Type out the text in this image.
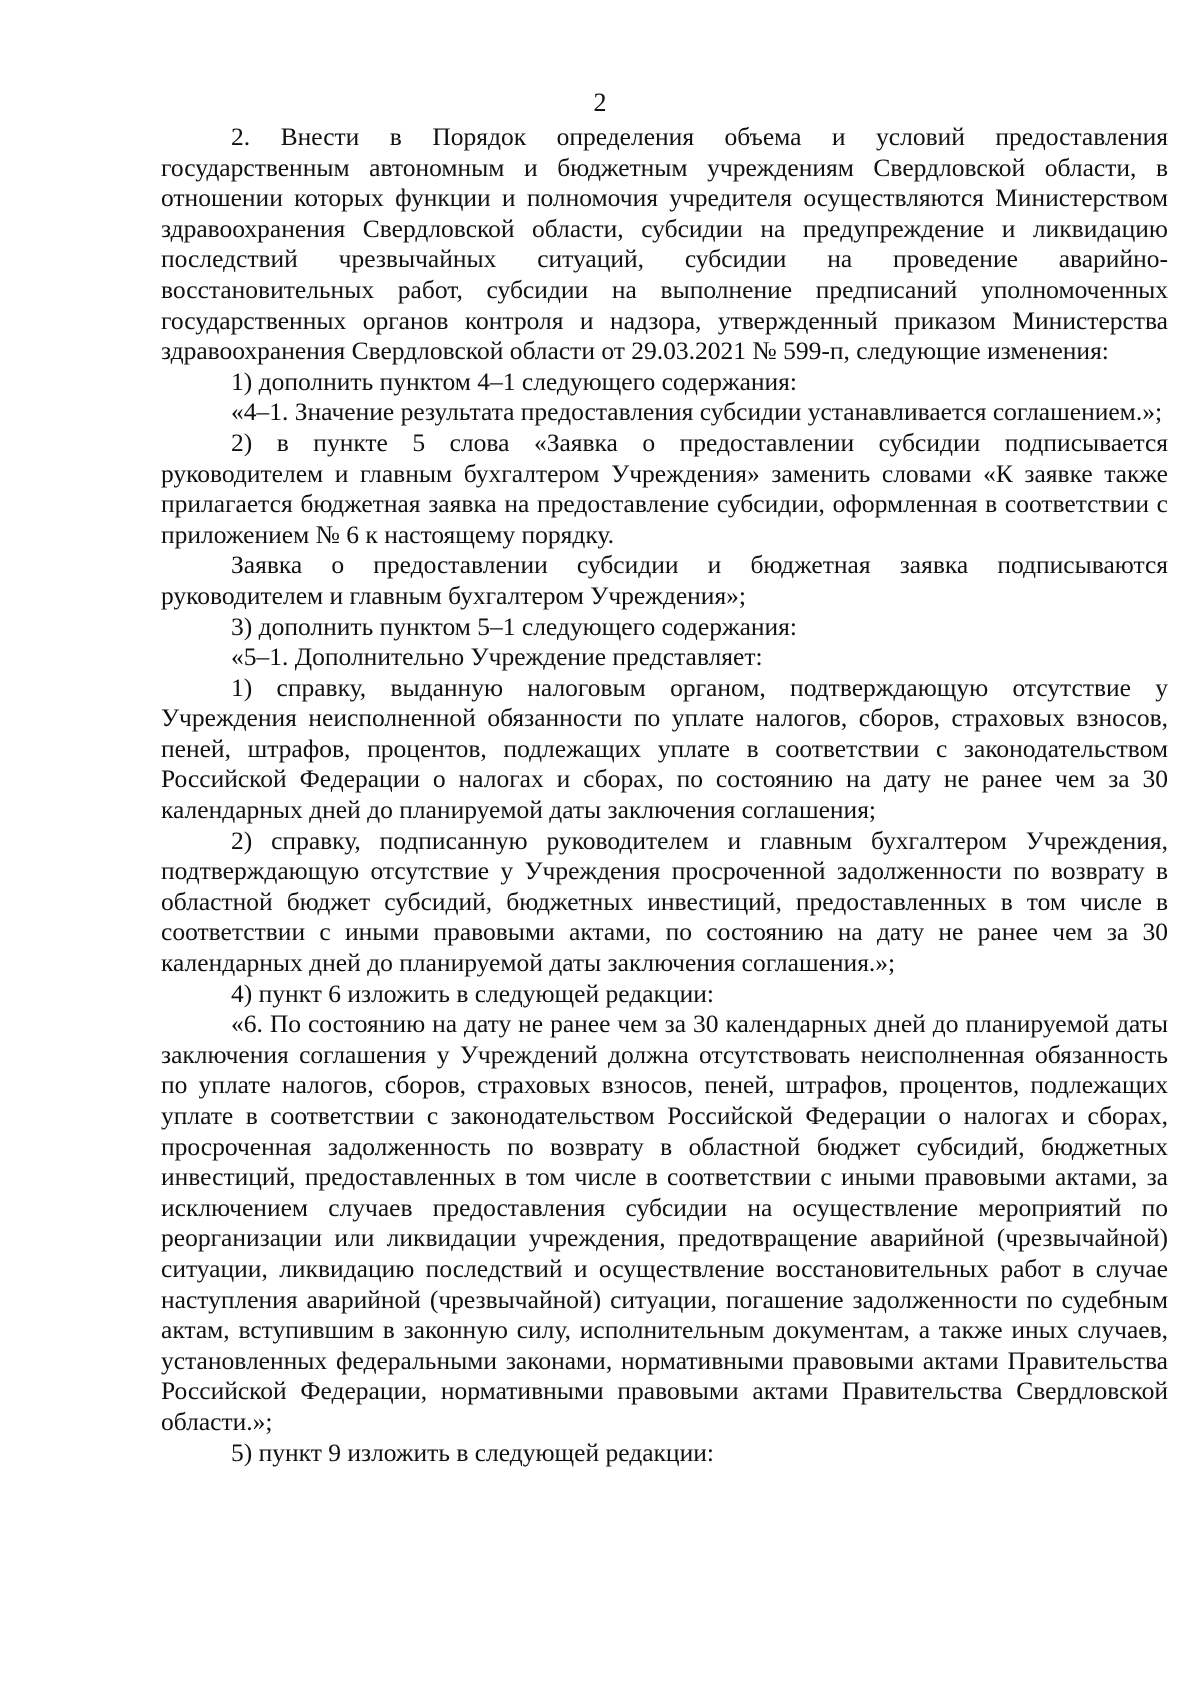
2

2. Внести в Порядок определения объема и условий предоставления государственным автономным и бюджетным учреждениям Свердловской области, в отношении которых функции и полномочия учредителя осуществляются Министерством здравоохранения Свердловской области, субсидии на предупреждение и ликвидацию последствий чрезвычайных ситуаций, субсидии на проведение аварийно-восстановительных работ, субсидии на выполнение предписаний уполномоченных государственных органов контроля и надзора, утвержденный приказом Министерства здравоохранения Свердловской области от 29.03.2021 № 599-п, следующие изменения:

1) дополнить пунктом 4–1 следующего содержания:

«4–1. Значение результата предоставления субсидии устанавливается соглашением.»;

2) в пункте 5 слова «Заявка о предоставлении субсидии подписывается руководителем и главным бухгалтером Учреждения» заменить словами «К заявке также прилагается бюджетная заявка на предоставление субсидии, оформленная в соответствии с приложением № 6 к настоящему порядку.

Заявка о предоставлении субсидии и бюджетная заявка подписываются руководителем и главным бухгалтером Учреждения»;

3) дополнить пунктом 5–1 следующего содержания:

«5–1. Дополнительно Учреждение представляет:

1) справку, выданную налоговым органом, подтверждающую отсутствие у Учреждения неисполненной обязанности по уплате налогов, сборов, страховых взносов, пеней, штрафов, процентов, подлежащих уплате в соответствии с законодательством Российской Федерации о налогах и сборах, по состоянию на дату не ранее чем за 30 календарных дней до планируемой даты заключения соглашения;

2) справку, подписанную руководителем и главным бухгалтером Учреждения, подтверждающую отсутствие у Учреждения просроченной задолженности по возврату в областной бюджет субсидий, бюджетных инвестиций, предоставленных в том числе в соответствии с иными правовыми актами, по состоянию на дату не ранее чем за 30 календарных дней до планируемой даты заключения соглашения.»;

4) пункт 6 изложить в следующей редакции:

«6. По состоянию на дату не ранее чем за 30 календарных дней до планируемой даты заключения соглашения у Учреждений должна отсутствовать неисполненная обязанность по уплате налогов, сборов, страховых взносов, пеней, штрафов, процентов, подлежащих уплате в соответствии с законодательством Российской Федерации о налогах и сборах, просроченная задолженность по возврату в областной бюджет субсидий, бюджетных инвестиций, предоставленных в том числе в соответствии с иными правовыми актами, за исключением случаев предоставления субсидии на осуществление мероприятий по реорганизации или ликвидации учреждения, предотвращение аварийной (чрезвычайной) ситуации, ликвидацию последствий и осуществление восстановительных работ в случае наступления аварийной (чрезвычайной) ситуации, погашение задолженности по судебным актам, вступившим в законную силу, исполнительным документам, а также иных случаев, установленных федеральными законами, нормативными правовыми актами Правительства Российской Федерации, нормативными правовыми актами Правительства Свердловской области.»;

5) пункт 9 изложить в следующей редакции:
